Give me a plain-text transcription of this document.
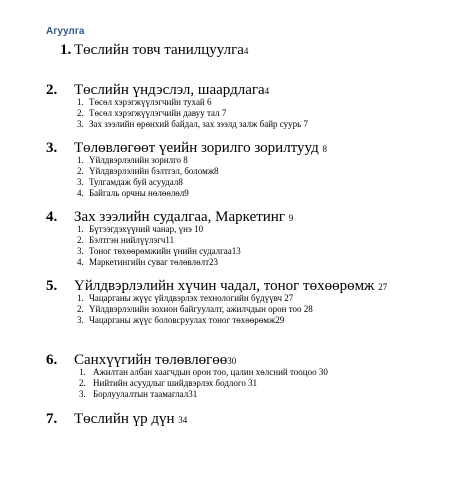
Агуулга
1. Төслийн товч танилцуулга4
2. Төслийн үндэслэл, шаардлага4
1. Төсөл хэрэгжүүлэгчийн тухай 6
2. Төсөл хэрэгжүүлэгчийн давуу тал 7
3. Зах зээлийн өрөнхий байдал, зах зээлд залж байр суурь 7
3. Төлөвлөгөөт үеийн зорилго зорилтууд 8
1. Үйлдвэрлэлийн зорилго 8
2. Үйлдвэрлэлийн бэлтгэл, боломж8
3. Тулгамдаж буй асуудал8
4. Байгаль орчны нөлөөлөл9
4. Зах зээлийн судалгаа, Маркетинг 9
1. Бүтээгдэхүүний чанар, үнэ 10
2. Бэлтгэн нийлүүлэгч11
3. Тоног төхөөрөмжийн үнийн судалгаа13
4. Маркетингийн суваг төлөвлөлт23
5. Үйлдвэрлэлийн хүчин чадал, тоног төхөөрөмж 27
1. Чацарганы жүүс үйлдвэрлэх технологийн бүдүүвч 27
2. Үйлдвэрлэлийн зохион байгуулалт, ажилчдын орон тоо 28
3. Чацарганы жүүс боловсруулах тоног төхөөрөмж29
6. Санхүүгийн төлөвлөгөө30
1. Ажилтан албан хаагчдын орон тоо, цалин хөлсний тооцоо 30
2. Нийтийн асуудлыг шийдвэрлэх бодлого 31
3. Борлуулалтын таамаглал31
7. Төслийн үр дүн 34
